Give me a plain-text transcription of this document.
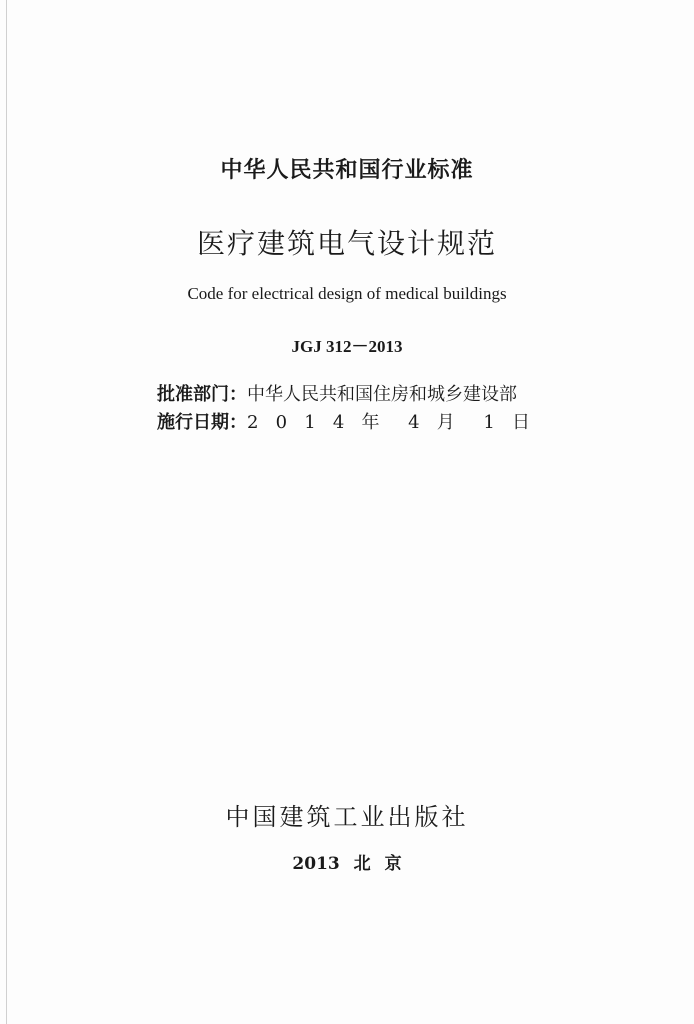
中华人民共和国行业标准
医疗建筑电气设计规范
Code for electrical design of medical buildings
JGJ 312－2013
批准部门：中华人民共和国住房和城乡建设部
施行日期：2 0 1 4 年 4 月 1 日
中国建筑工业出版社
2013 北 京
